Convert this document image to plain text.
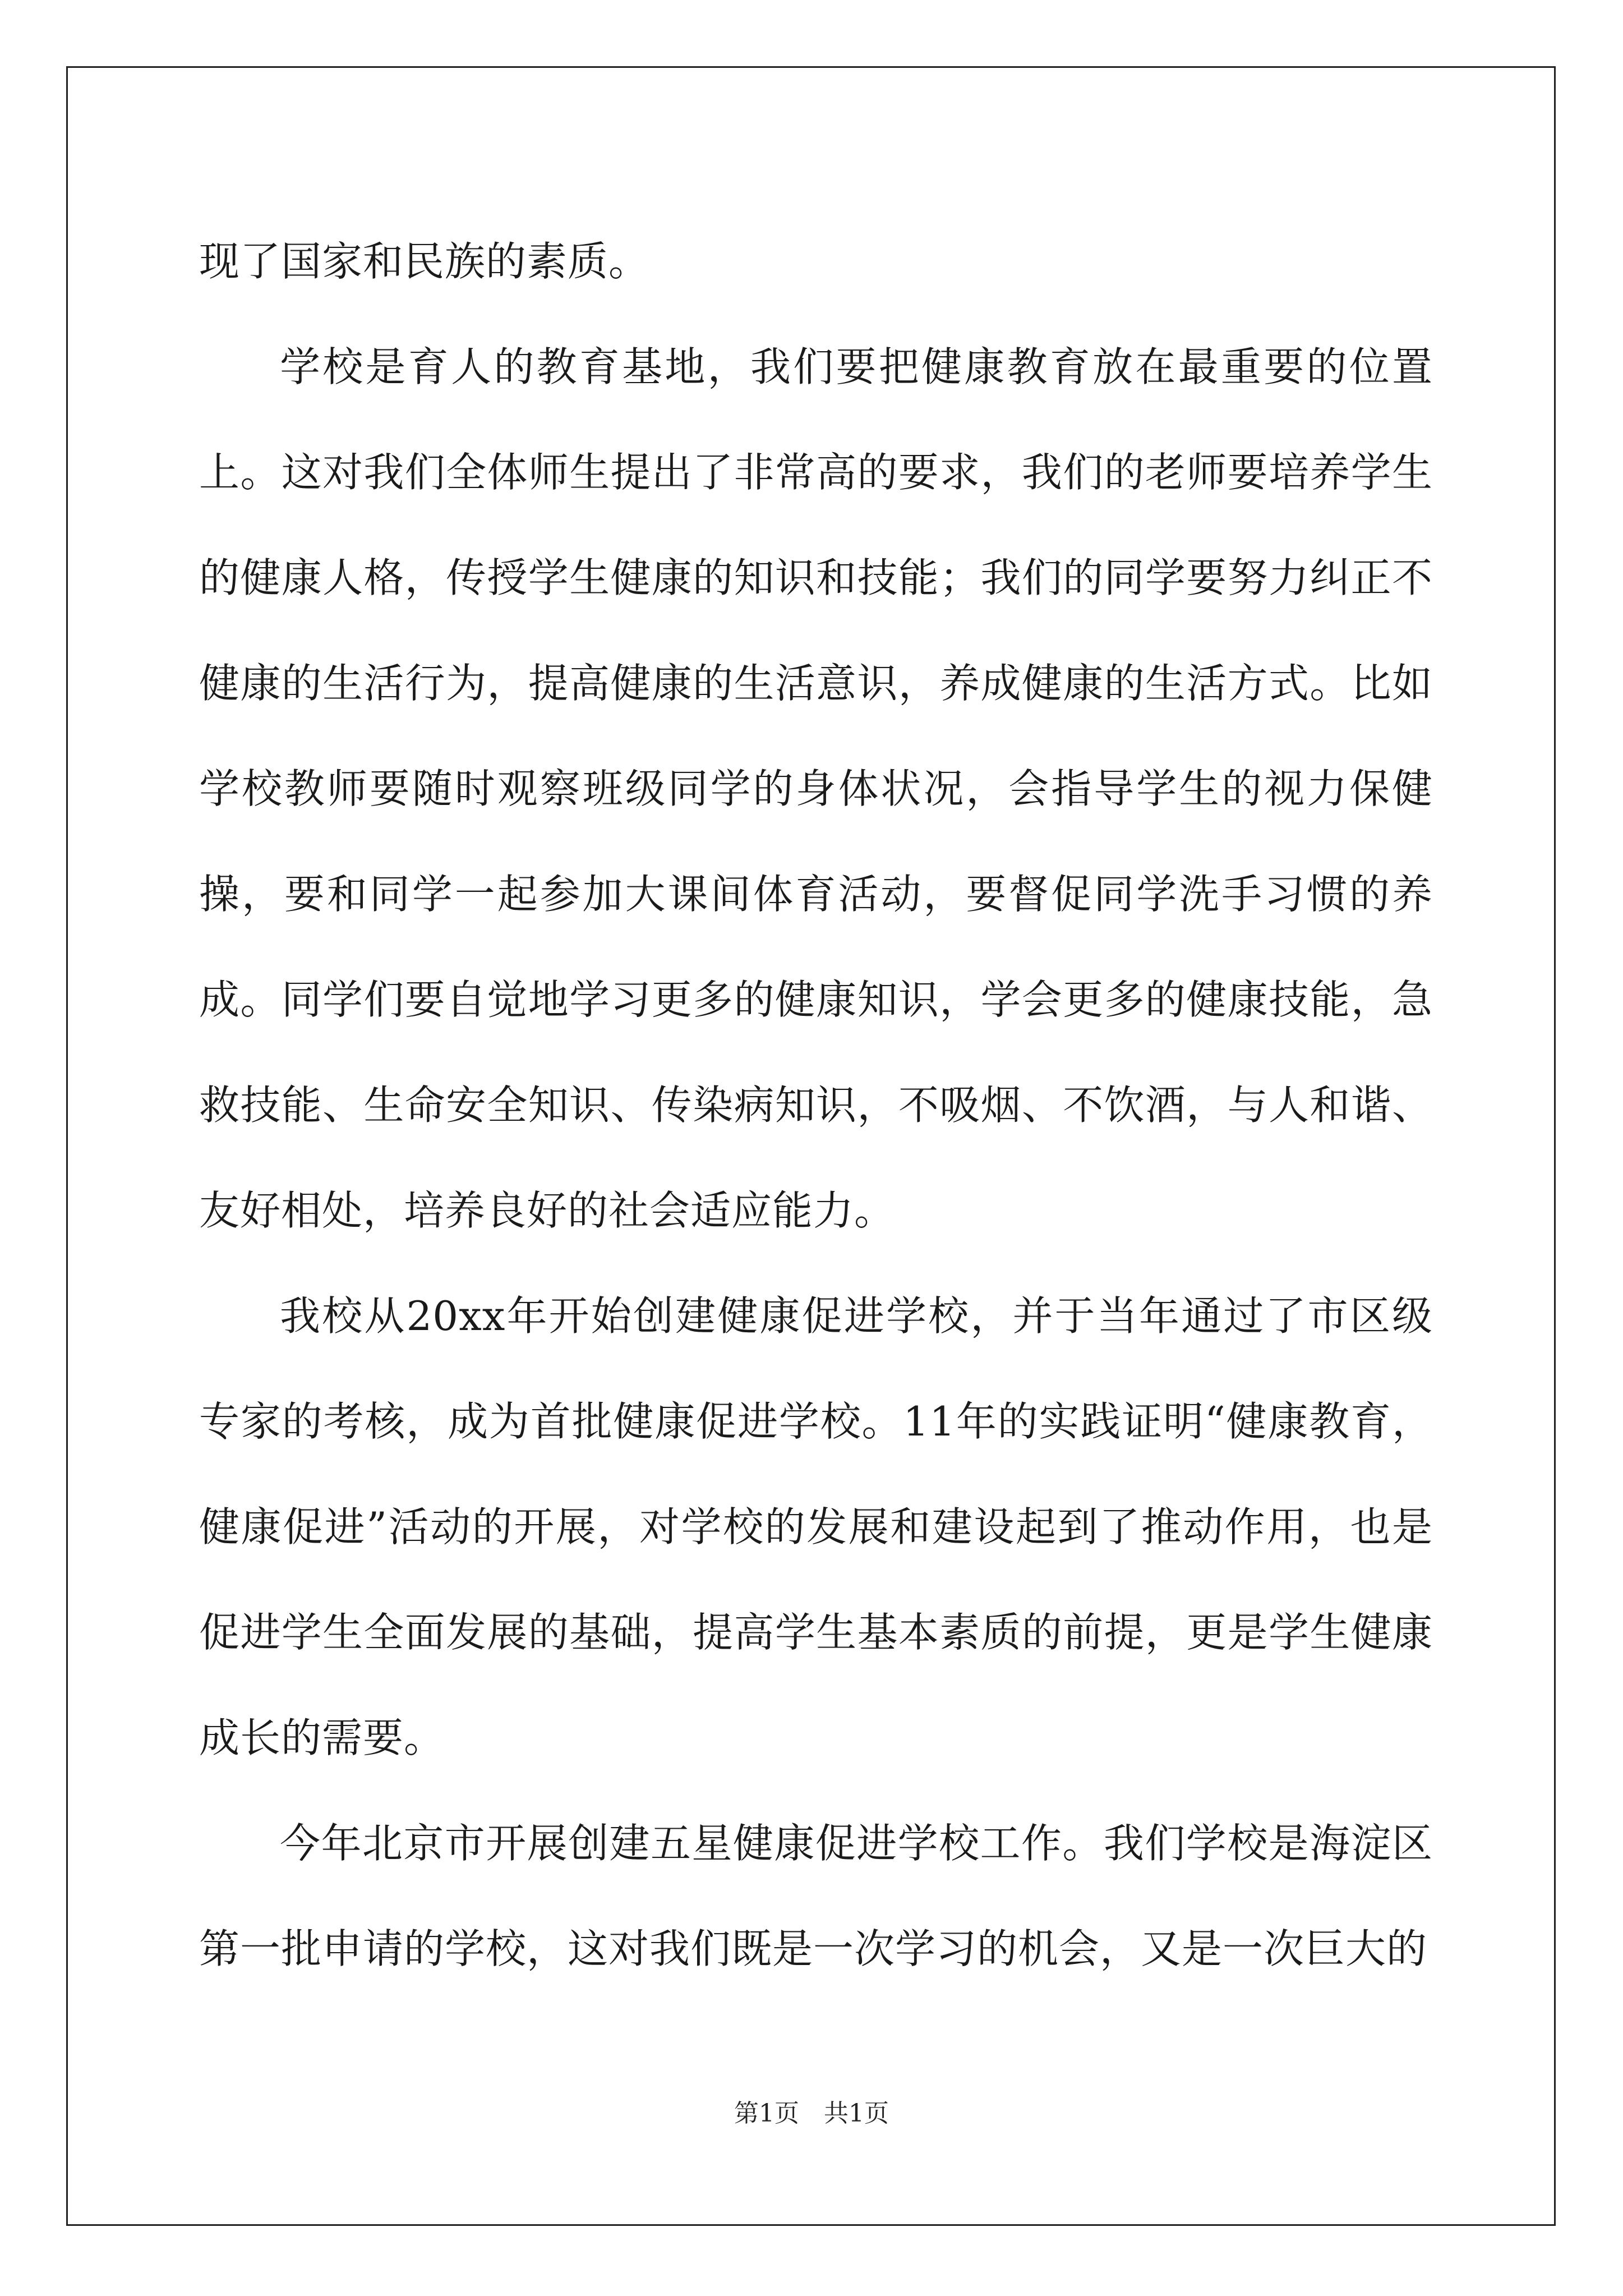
现了国家和民族的素质。

学校是育人的教育基地，我们要把健康教育放在最重要的位置上。这对我们全体师生提出了非常高的要求，我们的老师要培养学生的健康人格，传授学生健康的知识和技能；我们的同学要努力纠正不健康的生活行为，提高健康的生活意识，养成健康的生活方式。比如学校教师要随时观察班级同学的身体状况，会指导学生的视力保健操，要和同学一起参加大课间体育活动，要督促同学洗手习惯的养成。同学们要自觉地学习更多的健康知识，学会更多的健康技能，急救技能、生命安全知识、传染病知识，不吸烟、不饮酒，与人和谐、友好相处，培养良好的社会适应能力。

我校从20xx年开始创建健康促进学校，并于当年通过了市区级专家的考核，成为首批健康促进学校。11年的实践证明“健康教育，健康促进”活动的开展，对学校的发展和建设起到了推动作用，也是促进学生全面发展的基础，提高学生基本素质的前提，更是学生健康成长的需要。

今年北京市开展创建五星健康促进学校工作。我们学校是海淀区第一批申请的学校，这对我们既是一次学习的机会，又是一次巨大的

第1页　共1页
